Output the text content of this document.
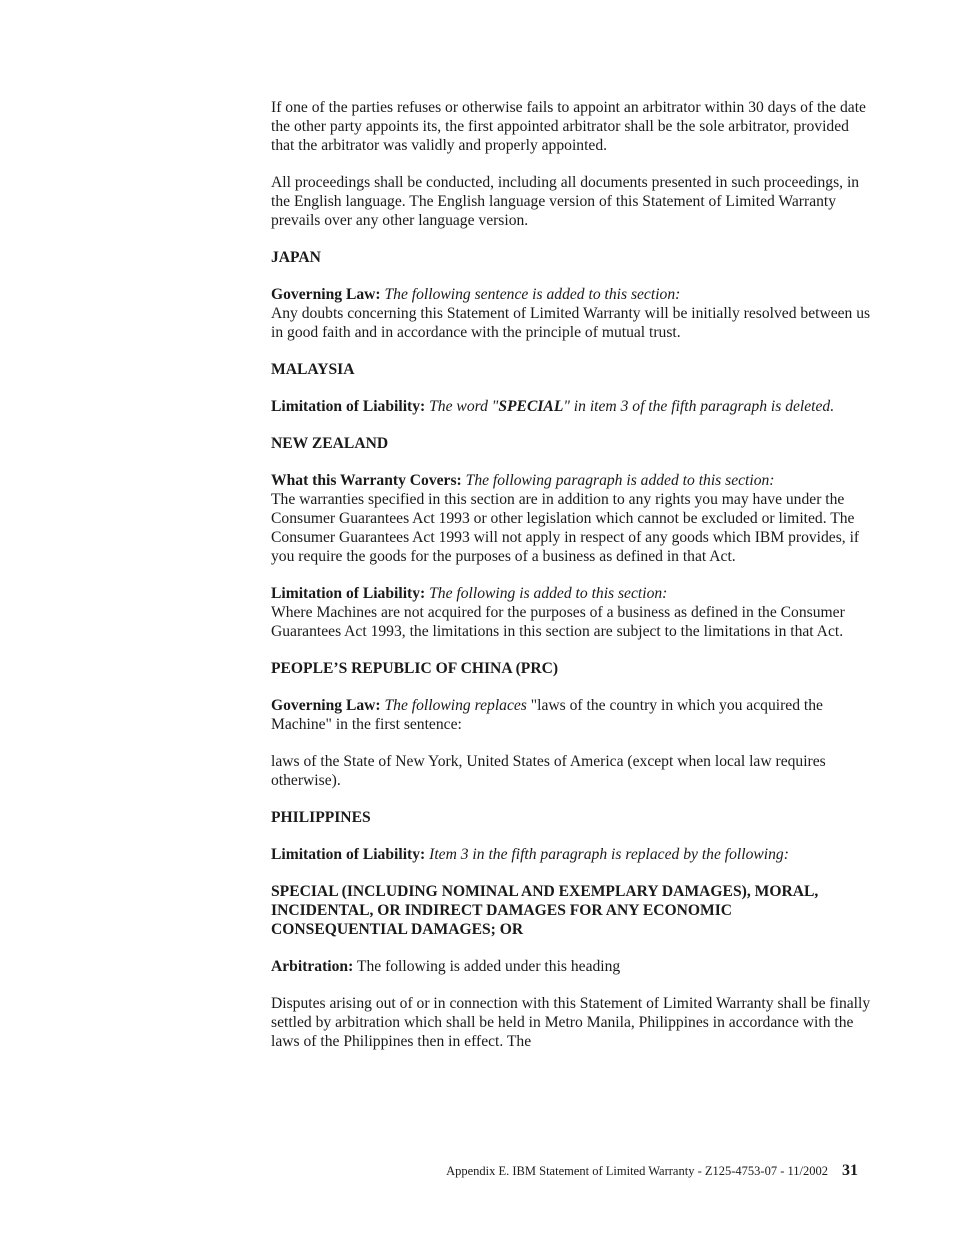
If one of the parties refuses or otherwise fails to appoint an arbitrator within 30 days of the date the other party appoints its, the first appointed arbitrator shall be the sole arbitrator, provided that the arbitrator was validly and properly appointed.

All proceedings shall be conducted, including all documents presented in such proceedings, in the English language. The English language version of this Statement of Limited Warranty prevails over any other language version.

JAPAN

Governing Law: The following sentence is added to this section:
Any doubts concerning this Statement of Limited Warranty will be initially resolved between us in good faith and in accordance with the principle of mutual trust.

MALAYSIA

Limitation of Liability: The word "SPECIAL" in item 3 of the fifth paragraph is deleted.

NEW ZEALAND

What this Warranty Covers: The following paragraph is added to this section:
The warranties specified in this section are in addition to any rights you may have under the Consumer Guarantees Act 1993 or other legislation which cannot be excluded or limited. The Consumer Guarantees Act 1993 will not apply in respect of any goods which IBM provides, if you require the goods for the purposes of a business as defined in that Act.

Limitation of Liability: The following is added to this section:
Where Machines are not acquired for the purposes of a business as defined in the Consumer Guarantees Act 1993, the limitations in this section are subject to the limitations in that Act.

PEOPLE’S REPUBLIC OF CHINA (PRC)

Governing Law: The following replaces "laws of the country in which you acquired the Machine" in the first sentence:

laws of the State of New York, United States of America (except when local law requires otherwise).

PHILIPPINES

Limitation of Liability: Item 3 in the fifth paragraph is replaced by the following:

SPECIAL (INCLUDING NOMINAL AND EXEMPLARY DAMAGES), MORAL, INCIDENTAL, OR INDIRECT DAMAGES FOR ANY ECONOMIC CONSEQUENTIAL DAMAGES; OR

Arbitration: The following is added under this heading

Disputes arising out of or in connection with this Statement of Limited Warranty shall be finally settled by arbitration which shall be held in Metro Manila, Philippines in accordance with the laws of the Philippines then in effect. The

Appendix E. IBM Statement of Limited Warranty - Z125-4753-07 - 11/2002 31
